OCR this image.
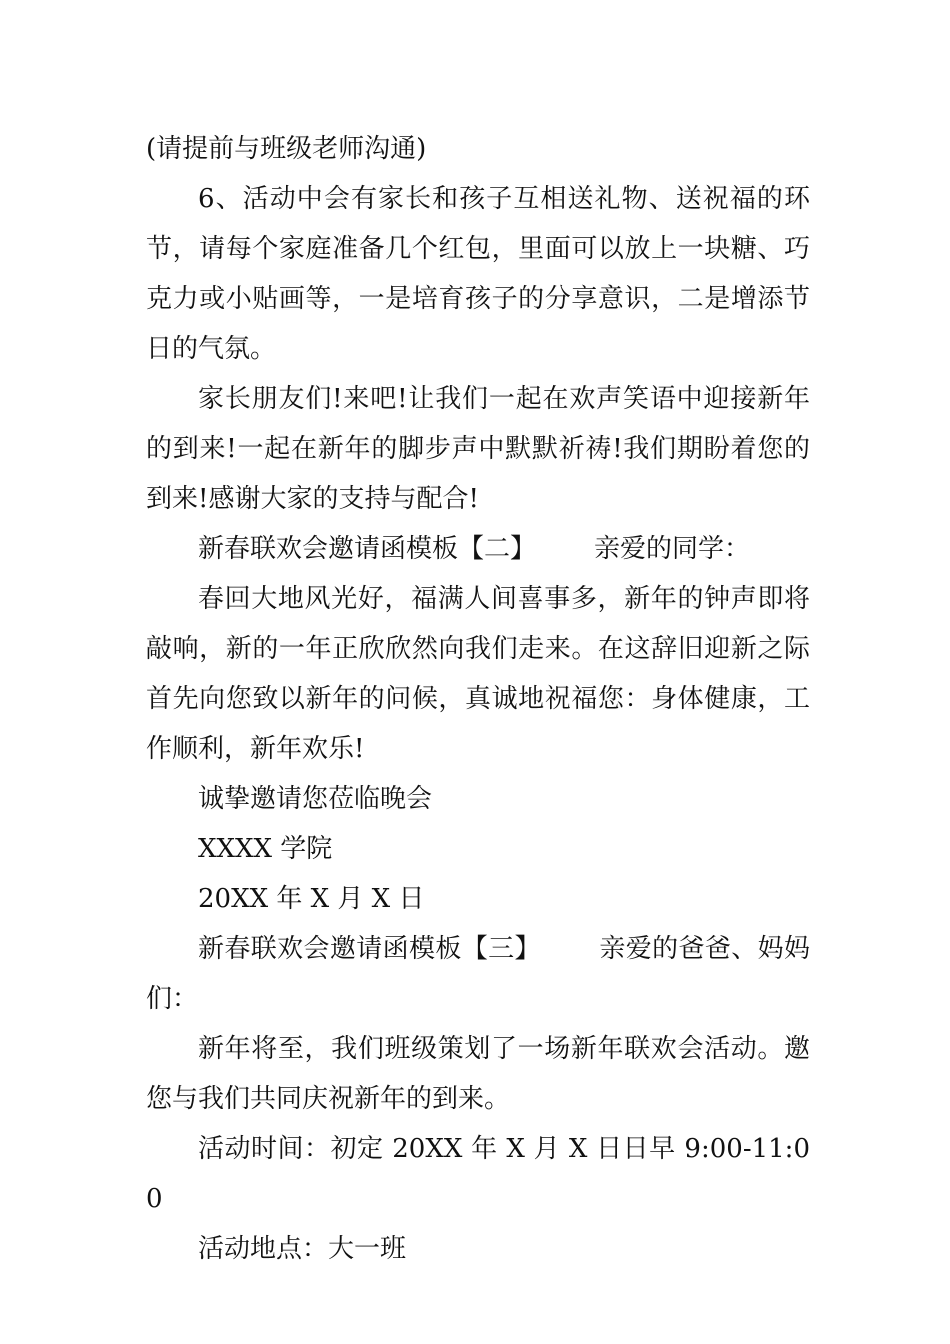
(请提前与班级老师沟通)

6、活动中会有家长和孩子互相送礼物、送祝福的环节，请每个家庭准备几个红包，里面可以放上一块糖、巧克力或小贴画等，一是培育孩子的分享意识，二是增添节日的气氛。

家长朋友们!来吧!让我们一起在欢声笑语中迎接新年的到来!一起在新年的脚步声中默默祈祷!我们期盼着您的到来!感谢大家的支持与配合!

新春联欢会邀请函模板【二】 亲爱的同学：

春回大地风光好，福满人间喜事多，新年的钟声即将敲响，新的一年正欣欣然向我们走来。在这辞旧迎新之际首先向您致以新年的问候，真诚地祝福您：身体健康，工作顺利，新年欢乐!

诚挚邀请您莅临晚会

XXXX 学院

20XX 年 X 月 X 日

新春联欢会邀请函模板【三】 亲爱的爸爸、妈妈们：

新年将至，我们班级策划了一场新年联欢会活动。邀您与我们共同庆祝新年的到来。

活动时间：初定 20XX 年 X 月 X 日日早 9:00-11:00

活动地点：大一班
